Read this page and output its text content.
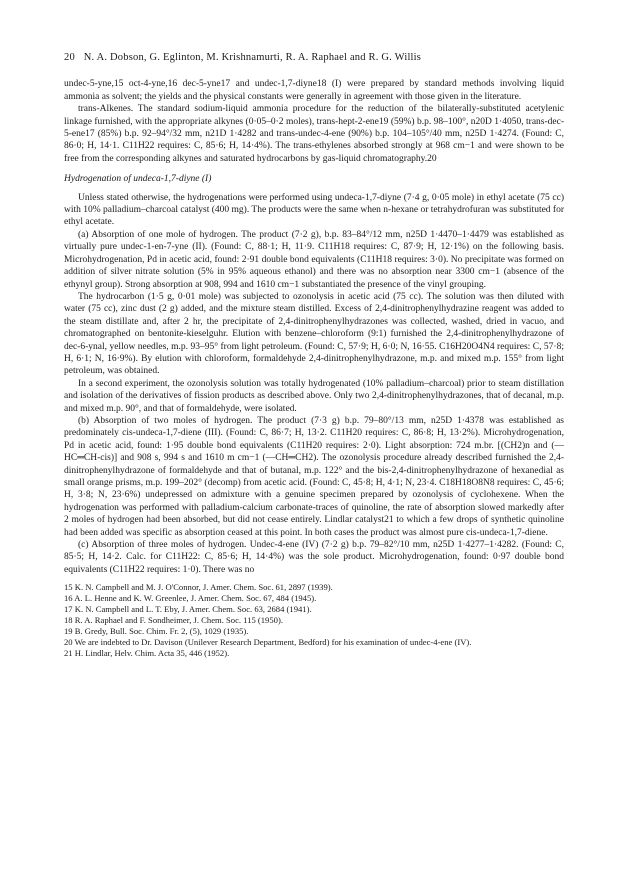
20 N. A. Dobson, G. Eglinton, M. Krishnamurti, R. A. Raphael and R. G. Willis

undec-5-yne,15 oct-4-yne,16 dec-5-yne17 and undec-1,7-diyne18 (I) were prepared by standard methods involving liquid ammonia as solvent; the yields and the physical constants were generally in agreement with those given in the literature.

trans-Alkenes. The standard sodium-liquid ammonia procedure for the reduction of the bilaterally-substituted acetylenic linkage furnished, with the appropriate alkynes (0·05–0·2 moles), trans-hept-2-ene19 (59%) b.p. 98–100°, n20D 1·4050, trans-dec-5-ene17 (85%) b.p. 92–94°/32 mm, n21D 1·4282 and trans-undec-4-ene (90%) b.p. 104–105°/40 mm, n25D 1·4274. (Found: C, 86·0; H, 14·1. C11H22 requires: C, 85·6; H, 14·4%). The trans-ethylenes absorbed strongly at 968 cm−1 and were shown to be free from the corresponding alkynes and saturated hydrocarbons by gas-liquid chromatography.20

Hydrogenation of undeca-1,7-diyne (I)

Unless stated otherwise, the hydrogenations were performed using undeca-1,7-diyne (7·4 g, 0·05 mole) in ethyl acetate (75 cc) with 10% palladium–charcoal catalyst (400 mg). The products were the same when n-hexane or tetrahydrofuran was substituted for ethyl acetate.

(a) Absorption of one mole of hydrogen. The product (7·2 g), b.p. 83–84°/12 mm, n25D 1·4470–1·4479 was established as virtually pure undec-1-en-7-yne (II). (Found: C, 88·1; H, 11·9. C11H18 requires: C, 87·9; H, 12·1%) on the following basis. Microhydrogenation, Pd in acetic acid, found: 2·91 double bond equivalents (C11H18 requires: 3·0). No precipitate was formed on addition of silver nitrate solution (5% in 95% aqueous ethanol) and there was no absorption near 3300 cm−1 (absence of the ethynyl group). Strong absorption at 908, 994 and 1610 cm−1 substantiated the presence of the vinyl grouping.

The hydrocarbon (1·5 g, 0·01 mole) was subjected to ozonolysis in acetic acid (75 cc). The solution was then diluted with water (75 cc), zinc dust (2 g) added, and the mixture steam distilled. Excess of 2,4-dinitrophenylhydrazine reagent was added to the steam distillate and, after 2 hr, the precipitate of 2,4-dinitrophenylhydrazones was collected, washed, dried in vacuo, and chromatographed on bentonite-kieselguhr. Elution with benzene–chloroform (9:1) furnished the 2,4-dinitrophenylhydrazone of dec-6-ynal, yellow needles, m.p. 93–95° from light petroleum. (Found: C, 57·9; H, 6·0; N, 16·55. C16H20O4N4 requires: C, 57·8; H, 6·1; N, 16·9%). By elution with chloroform, formaldehyde 2,4-dinitrophenylhydrazone, m.p. and mixed m.p. 155° from light petroleum, was obtained.

In a second experiment, the ozonolysis solution was totally hydrogenated (10% palladium–charcoal) prior to steam distillation and isolation of the derivatives of fission products as described above. Only two 2,4-dinitrophenylhydrazones, that of decanal, m.p. and mixed m.p. 90°, and that of formaldehyde, were isolated.

(b) Absorption of two moles of hydrogen. The product (7·3 g) b.p. 79–80°/13 mm, n25D 1·4378 was established as predominately cis-undeca-1,7-diene (III). (Found: C, 86·7; H, 13·2. C11H20 requires: C, 86·8; H, 13·2%). Microhydrogenation, Pd in acetic acid, found: 1·95 double bond equivalents (C11H20 requires: 2·0). Light absorption: 724 m.br. [(CH2)n and (—HC═CH-cis)] and 908 s, 994 s and 1610 m cm−1 (—CH═CH2). The ozonolysis procedure already described furnished the 2,4-dinitrophenylhydrazone of formaldehyde and that of butanal, m.p. 122° and the bis-2,4-dinitrophenylhydrazone of hexanedial as small orange prisms, m.p. 199–202° (decomp) from acetic acid. (Found: C, 45·8; H, 4·1; N, 23·4. C18H18O8N8 requires: C, 45·6; H, 3·8; N, 23·6%) undepressed on admixture with a genuine specimen prepared by ozonolysis of cyclohexene. When the hydrogenation was performed with palladium-calcium carbonate-traces of quinoline, the rate of absorption slowed markedly after 2 moles of hydrogen had been absorbed, but did not cease entirely. Lindlar catalyst21 to which a few drops of synthetic quinoline had been added was specific as absorption ceased at this point. In both cases the product was almost pure cis-undeca-1,7-diene.

(c) Absorption of three moles of hydrogen. Undec-4-ene (IV) (7·2 g) b.p. 79–82°/10 mm, n25D 1·4277–1·4282. (Found: C, 85·5; H, 14·2. Calc. for C11H22: C, 85·6; H, 14·4%) was the sole product. Microhydrogenation, found: 0·97 double bond equivalents (C11H22 requires: 1·0). There was no

15 K. N. Campbell and M. J. O'Connor, J. Amer. Chem. Soc. 61, 2897 (1939).
16 A. L. Henne and K. W. Greenlee, J. Amer. Chem. Soc. 67, 484 (1945).
17 K. N. Campbell and L. T. Eby, J. Amer. Chem. Soc. 63, 2684 (1941).
18 R. A. Raphael and F. Sondheimer, J. Chem. Soc. 115 (1950).
19 B. Gredy, Bull. Soc. Chim. Fr. 2, (5), 1029 (1935).
20 We are indebted to Dr. Davison (Unilever Research Department, Bedford) for his examination of undec-4-ene (IV).
21 H. Lindlar, Helv. Chim. Acta 35, 446 (1952).
